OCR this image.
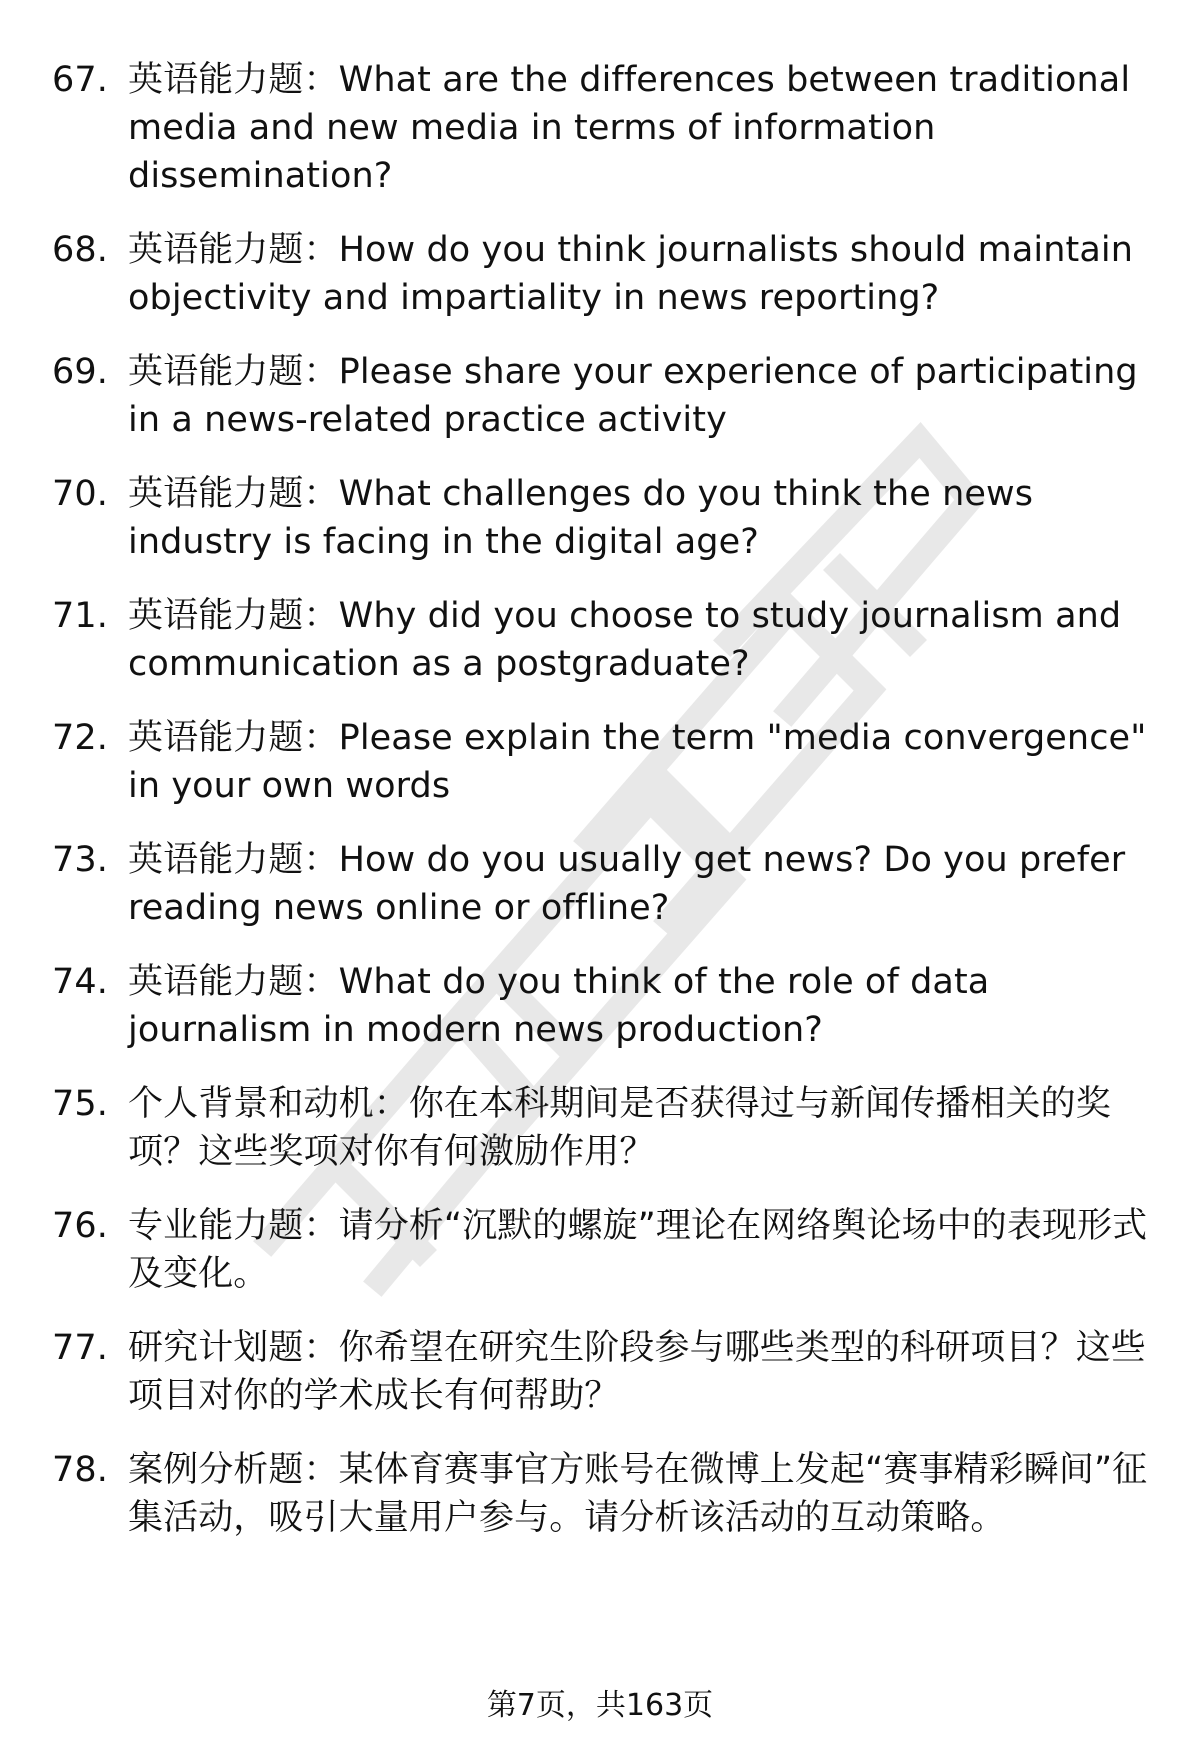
67. 英语能力题：What are the differences between traditional media and new media in terms of information dissemination?
68. 英语能力题：How do you think journalists should maintain objectivity and impartiality in news reporting?
69. 英语能力题：Please share your experience of participating in a news-related practice activity
70. 英语能力题：What challenges do you think the news industry is facing in the digital age?
71. 英语能力题：Why did you choose to study journalism and communication as a postgraduate?
72. 英语能力题：Please explain the term "media convergence" in your own words
73. 英语能力题：How do you usually get news? Do you prefer reading news online or offline?
74. 英语能力题：What do you think of the role of data journalism in modern news production?
75. 个人背景和动机：你在本科期间是否获得过与新闻传播相关的奖项？这些奖项对你有何激励作用？
76. 专业能力题：请分析“沉默的螺旋”理论在网络舆论场中的表现形式及变化。
77. 研究计划题：你希望在研究生阶段参与哪些类型的科研项目？这些项目对你的学术成长有何帮助？
78. 案例分析题：某体育赛事官方账号在微博上发起“赛事精彩瞬间”征集活动，吸引大量用户参与。请分析该活动的互动策略。
第7页，共163页
